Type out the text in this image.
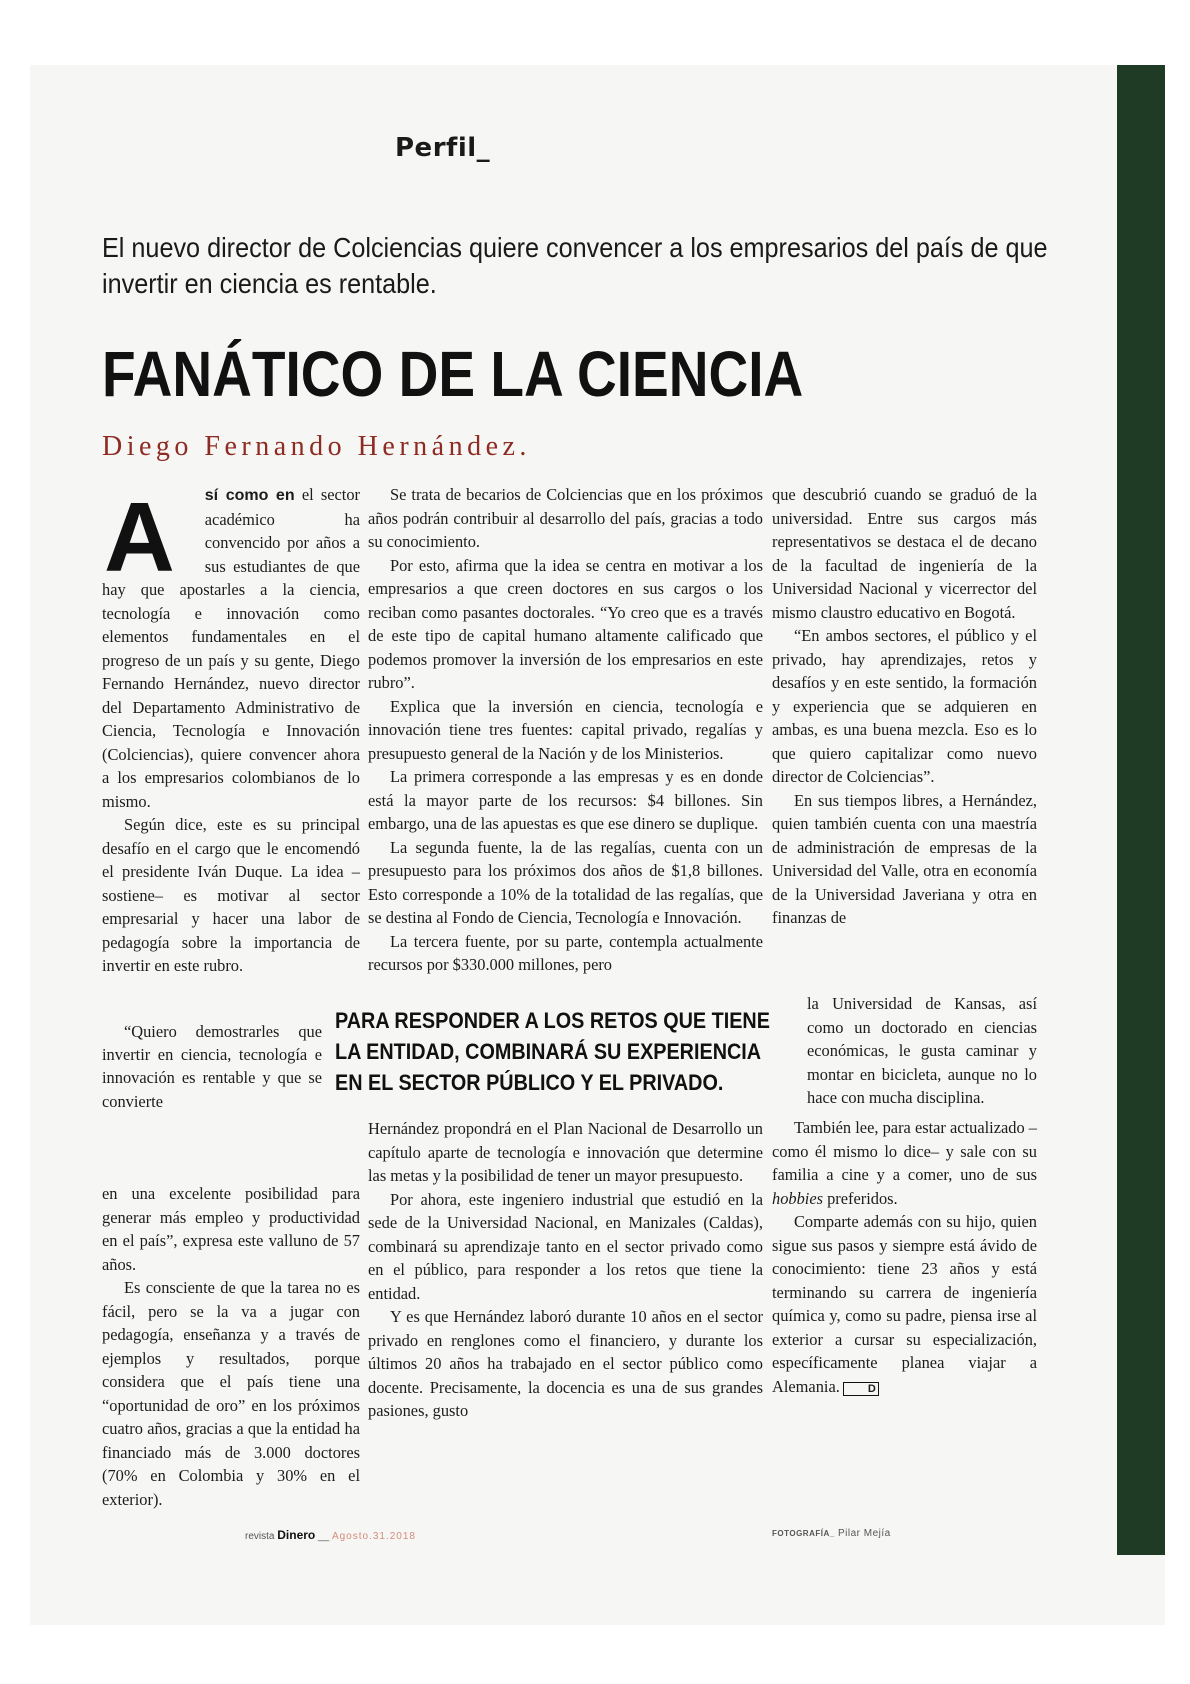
Perfil_
El nuevo director de Colciencias quiere convencer a los empresarios del país de que invertir en ciencia es rentable.
FANÁTICO DE LA CIENCIA
Diego Fernando Hernández.

A sí como en el sector académico ha convencido por años a sus estudiantes de que hay que apostarles a la ciencia, tecnología e innovación como elementos fundamentales en el progreso de un país y su gente, Diego Fernando Hernández, nuevo director del Departamento Administrativo de Ciencia, Tecnología e Innovación (Colciencias), quiere convencer ahora a los empresarios colombianos de lo mismo.

Según dice, este es su principal desafío en el cargo que le encomendó el presidente Iván Duque. La idea –sostiene– es motivar al sector empresarial y hacer una labor de pedagogía sobre la importancia de invertir en este rubro.

“Quiero demostrarles que invertir en ciencia, tecnología e innovación es rentable y que se convierte

en una excelente posibilidad para generar más empleo y productividad en el país”, expresa este valluno de 57 años.

Es consciente de que la tarea no es fácil, pero se la va a jugar con pedagogía, enseñanza y a través de ejemplos y resultados, porque considera que el país tiene una “oportunidad de oro” en los próximos cuatro años, gracias a que la entidad ha financiado más de 3.000 doctores (70% en Colombia y 30% en el exterior).

Se trata de becarios de Colciencias que en los próximos años podrán contribuir al desarrollo del país, gracias a todo su conocimiento.

Por esto, afirma que la idea se centra en motivar a los empresarios a que creen doctores en sus cargos o los reciban como pasantes doctorales. “Yo creo que es a través de este tipo de capital humano altamente calificado que podemos promover la inversión de los empresarios en este rubro”.

Explica que la inversión en ciencia, tecnología e innovación tiene tres fuentes: capital privado, regalías y presupuesto general de la Nación y de los Ministerios.

La primera corresponde a las empresas y es en donde está la mayor parte de los recursos: $4 billones. Sin embargo, una de las apuestas es que ese dinero se duplique.

La segunda fuente, la de las regalías, cuenta con un presupuesto para los próximos dos años de $1,8 billones. Esto corresponde a 10% de la totalidad de las regalías, que se destina al Fondo de Ciencia, Tecnología e Innovación.

La tercera fuente, por su parte, contempla actualmente recursos por $330.000 millones, pero

PARA RESPONDER A LOS RETOS QUE TIENE LA ENTIDAD, COMBINARÁ SU EXPERIENCIA EN EL SECTOR PÚBLICO Y EL PRIVADO.

Hernández propondrá en el Plan Nacional de Desarrollo un capítulo aparte de tecnología e innovación que determine las metas y la posibilidad de tener un mayor presupuesto.

Por ahora, este ingeniero industrial que estudió en la sede de la Universidad Nacional, en Manizales (Caldas), combinará su aprendizaje tanto en el sector privado como en el público, para responder a los retos que tiene la entidad.

Y es que Hernández laboró durante 10 años en el sector privado en renglones como el financiero, y durante los últimos 20 años ha trabajado en el sector público como docente. Precisamente, la docencia es una de sus grandes pasiones, gusto

que descubrió cuando se graduó de la universidad. Entre sus cargos más representativos se destaca el de decano de la facultad de ingeniería de la Universidad Nacional y vicerrector del mismo claustro educativo en Bogotá.

“En ambos sectores, el público y el privado, hay aprendizajes, retos y desafíos y en este sentido, la formación y experiencia que se adquieren en ambas, es una buena mezcla. Eso es lo que quiero capitalizar como nuevo director de Colciencias”.

En sus tiempos libres, a Hernández, quien también cuenta con una maestría de administración de empresas de la Universidad del Valle, otra en economía de la Universidad Javeriana y otra en finanzas de

la Universidad de Kansas, así como un doctorado en ciencias económicas, le gusta caminar y montar en bicicleta, aunque no lo hace con mucha disciplina.

También lee, para estar actualizado –como él mismo lo dice– y sale con su familia a cine y a comer, uno de sus hobbies preferidos.

Comparte además con su hijo, quien sigue sus pasos y siempre está ávido de conocimiento: tiene 23 años y está terminando su carrera de ingeniería química y, como su padre, piensa irse al exterior a cursar su especialización, específicamente planea viajar a Alemania.	D

revista Dinero __ Agosto.31.2018	FOTOGRAFÍA_ Pilar Mejía
